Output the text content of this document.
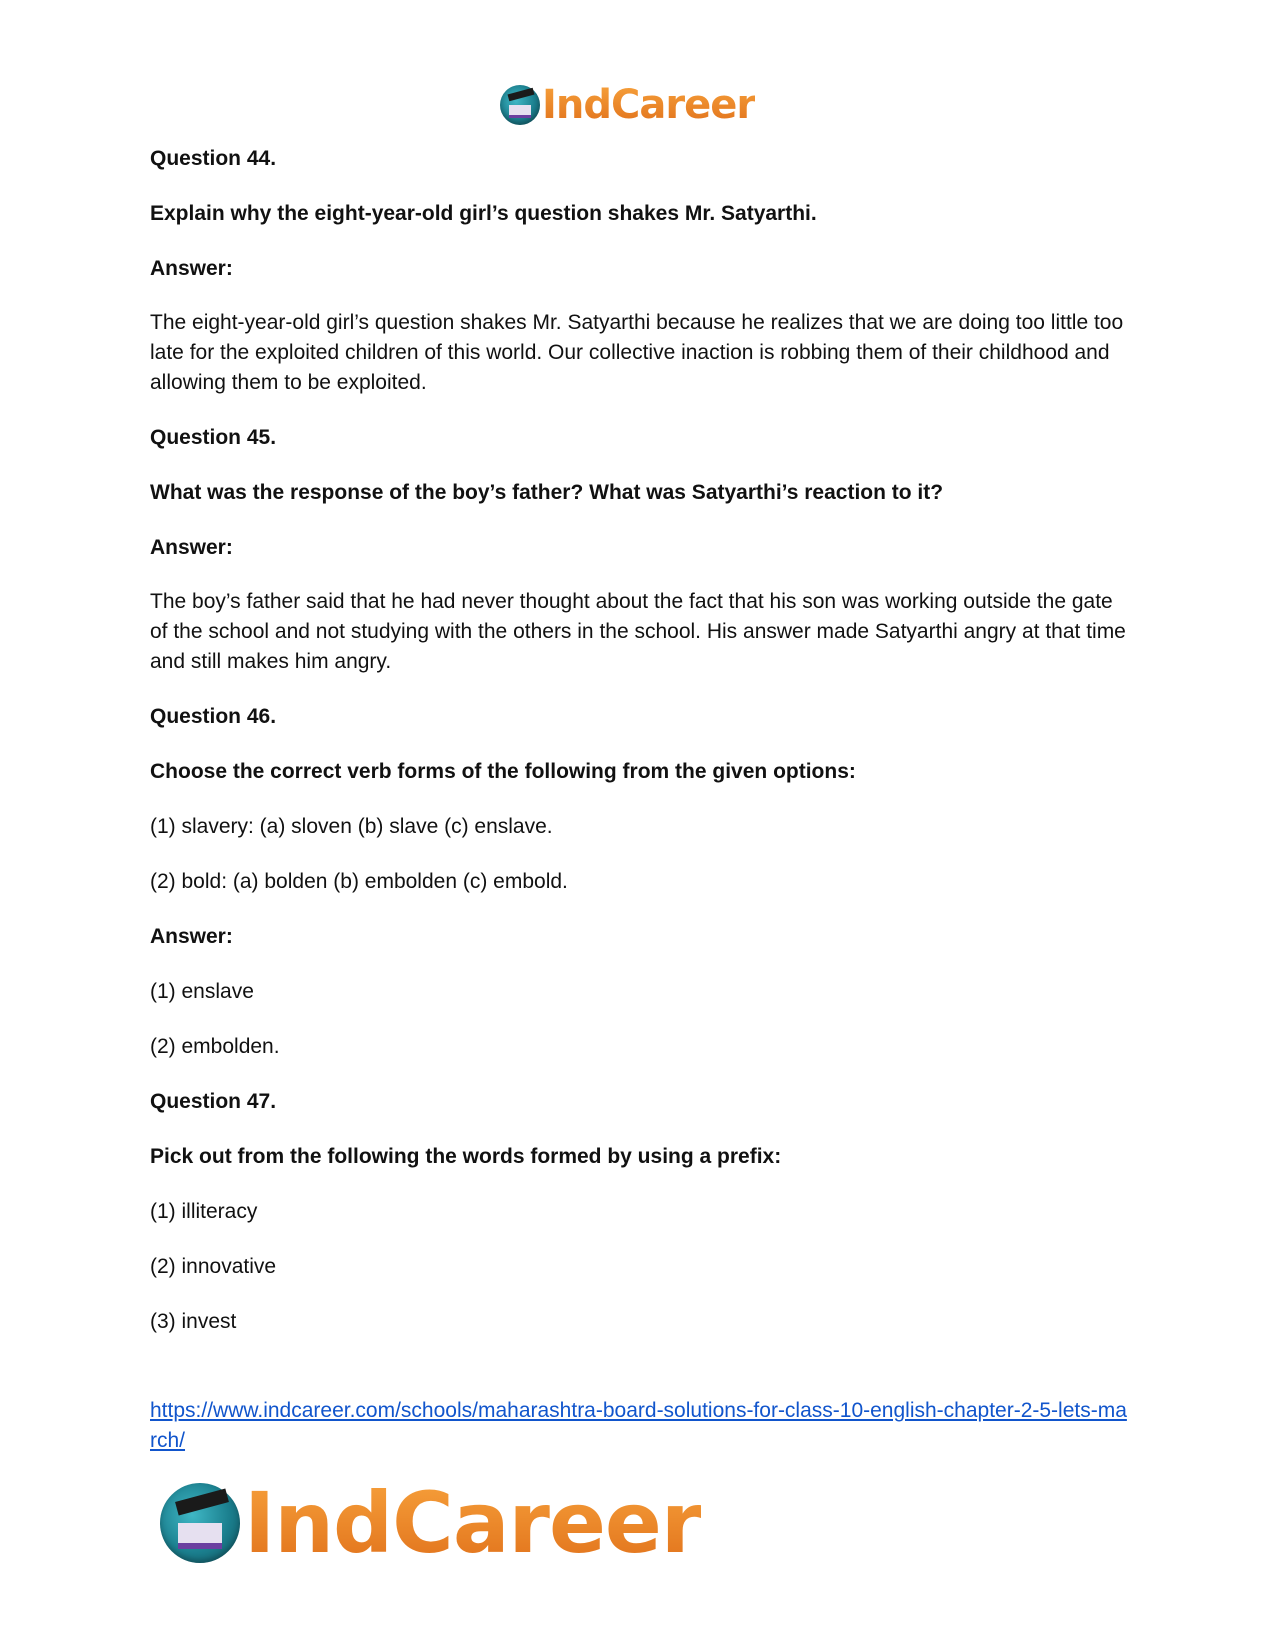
IndCareer

Question 44.

Explain why the eight-year-old girl’s question shakes Mr. Satyarthi.

Answer:

The eight-year-old girl’s question shakes Mr. Satyarthi because he realizes that we are doing too little too late for the exploited children of this world. Our collective inaction is robbing them of their childhood and allowing them to be exploited.

Question 45.

What was the response of the boy’s father? What was Satyarthi’s reaction to it?

Answer:

The boy’s father said that he had never thought about the fact that his son was working outside the gate of the school and not studying with the others in the school. His answer made Satyarthi angry at that time and still makes him angry.

Question 46.

Choose the correct verb forms of the following from the given options:

(1) slavery: (a) sloven (b) slave (c) enslave.

(2) bold: (a) bolden (b) embolden (c) embold.

Answer:

(1) enslave

(2) embolden.

Question 47.

Pick out from the following the words formed by using a prefix:

(1) illiteracy

(2) innovative

(3) invest

https://www.indcareer.com/schools/maharashtra-board-solutions-for-class-10-english-chapter-2-5-lets-march/
IndCareer
